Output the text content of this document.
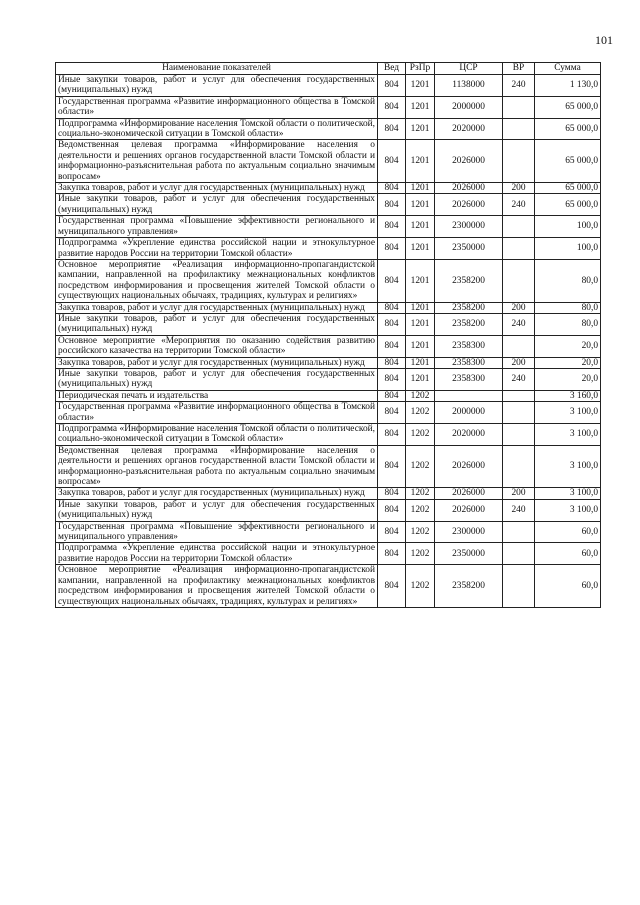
101
Наименование показателей	Вед	РзПр	ЦСР	ВР	Сумма
Иные закупки товаров, работ и услуг для обеспечения государственных (муниципальных) нужд	804	1201	1138000	240	1 130,0
Государственная программа «Развитие информационного общества в Томской области»	804	1201	2000000		65 000,0
Подпрограмма «Информирование населения Томской области о политической, социально-экономической ситуации в Томской области»	804	1201	2020000		65 000,0
Ведомственная целевая программа «Информирование населения о деятельности и решениях органов государственной власти Томской области и информационно-разъяснительная работа по актуальным социально значимым вопросам»	804	1201	2026000		65 000,0
Закупка товаров, работ и услуг для государственных (муниципальных) нужд	804	1201	2026000	200	65 000,0
Иные закупки товаров, работ и услуг для обеспечения государственных (муниципальных) нужд	804	1201	2026000	240	65 000,0
Государственная программа «Повышение эффективности регионального и муниципального управления»	804	1201	2300000		100,0
Подпрограмма «Укрепление единства российской нации и этнокультурное развитие народов России на территории Томской области»	804	1201	2350000		100,0
Основное мероприятие «Реализация информационно-пропагандистской кампании, направленной на профилактику межнациональных конфликтов посредством информирования и просвещения жителей Томской области о существующих национальных обычаях, традициях, культурах и религиях»	804	1201	2358200		80,0
Закупка товаров, работ и услуг для государственных (муниципальных) нужд	804	1201	2358200	200	80,0
Иные закупки товаров, работ и услуг для обеспечения государственных (муниципальных) нужд	804	1201	2358200	240	80,0
Основное мероприятие «Мероприятия по оказанию содействия развитию российского казачества на территории Томской области»	804	1201	2358300		20,0
Закупка товаров, работ и услуг для государственных (муниципальных) нужд	804	1201	2358300	200	20,0
Иные закупки товаров, работ и услуг для обеспечения государственных (муниципальных) нужд	804	1201	2358300	240	20,0
Периодическая печать и издательства	804	1202			3 160,0
Государственная программа «Развитие информационного общества в Томской области»	804	1202	2000000		3 100,0
Подпрограмма «Информирование населения Томской области о политической, социально-экономической ситуации в Томской области»	804	1202	2020000		3 100,0
Ведомственная целевая программа «Информирование населения о деятельности и решениях органов государственной власти Томской области и информационно-разъяснительная работа по актуальным социально значимым вопросам»	804	1202	2026000		3 100,0
Закупка товаров, работ и услуг для государственных (муниципальных) нужд	804	1202	2026000	200	3 100,0
Иные закупки товаров, работ и услуг для обеспечения государственных (муниципальных) нужд	804	1202	2026000	240	3 100,0
Государственная программа «Повышение эффективности регионального и муниципального управления»	804	1202	2300000		60,0
Подпрограмма «Укрепление единства российской нации и этнокультурное развитие народов России на территории Томской области»	804	1202	2350000		60,0
Основное мероприятие «Реализация информационно-пропагандистской кампании, направленной на профилактику межнациональных конфликтов посредством информирования и просвещения жителей Томской области о существующих национальных обычаях, традициях, культурах и религиях»	804	1202	2358200		60,0
